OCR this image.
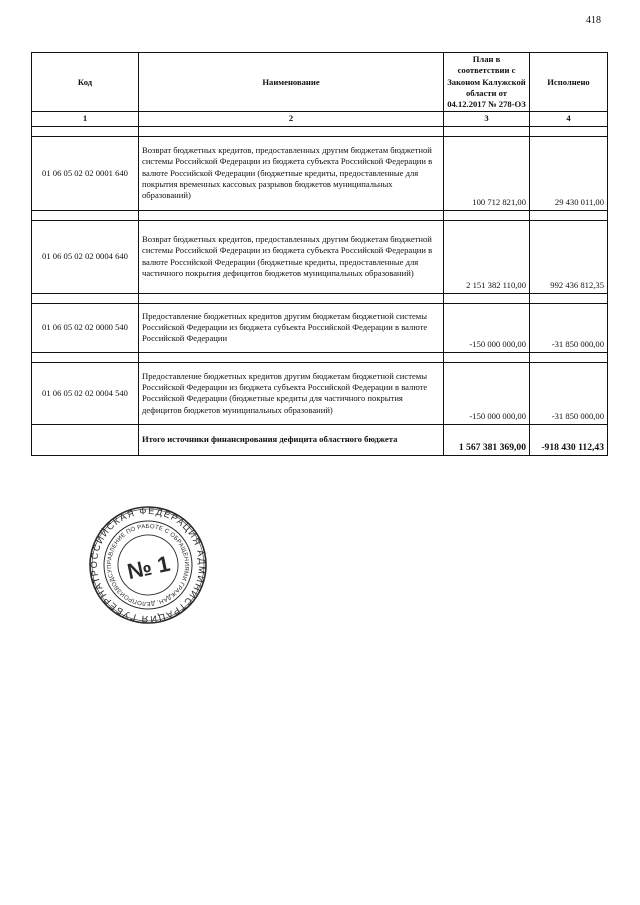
418
Код	Наименование	План в соответствии с Законом Калужской области от 04.12.2017 № 278-ОЗ	Исполнено
1	2	3	4

01 06 05 02 02 0001 640	Возврат бюджетных кредитов, предоставленных другим бюджетам бюджетной системы Российской Федерации из бюджета субъекта Российской Федерации в валюте Российской Федерации (бюджетные кредиты, предоставленные для покрытия временных кассовых разрывов бюджетов муниципальных образований)	100 712 821,00	29 430 011,00

01 06 05 02 02 0004 640	Возврат бюджетных кредитов, предоставленных другим бюджетам бюджетной системы Российской Федерации из бюджета субъекта Российской Федерации в валюте Российской Федерации (бюджетные кредиты, предоставленные для частичного покрытия дефицитов бюджетов муниципальных образований)	2 151 382 110,00	992 436 812,35

01 06 05 02 02 0000 540	Предоставление бюджетных кредитов другим бюджетам бюджетной системы Российской Федерации из бюджета субъекта Российской Федерации в валюте Российской Федерации	-150 000 000,00	-31 850 000,00

01 06 05 02 02 0004 540	Предоставление бюджетных кредитов другим бюджетам бюджетной системы Российской Федерации из бюджета субъекта Российской Федерации в валюте Российской Федерации (бюджетные кредиты для частичного покрытия дефицитов бюджетов муниципальных образований)	-150 000 000,00	-31 850 000,00
	Итого источники финансирования дефицита областного бюджета	1 567 381 369,00	-918 430 112,43
РОССИЙСКАЯ ФЕДЕРАЦИЯ АДМИНИСТРАЦИЯ ГУБЕРНАТОРА
УПРАВЛЕНИЕ ПО РАБОТЕ С ОБРАЩЕНИЯМИ ГРАЖДАН, ДЕЛОПРОИЗВОДСТВУ
№ 1
